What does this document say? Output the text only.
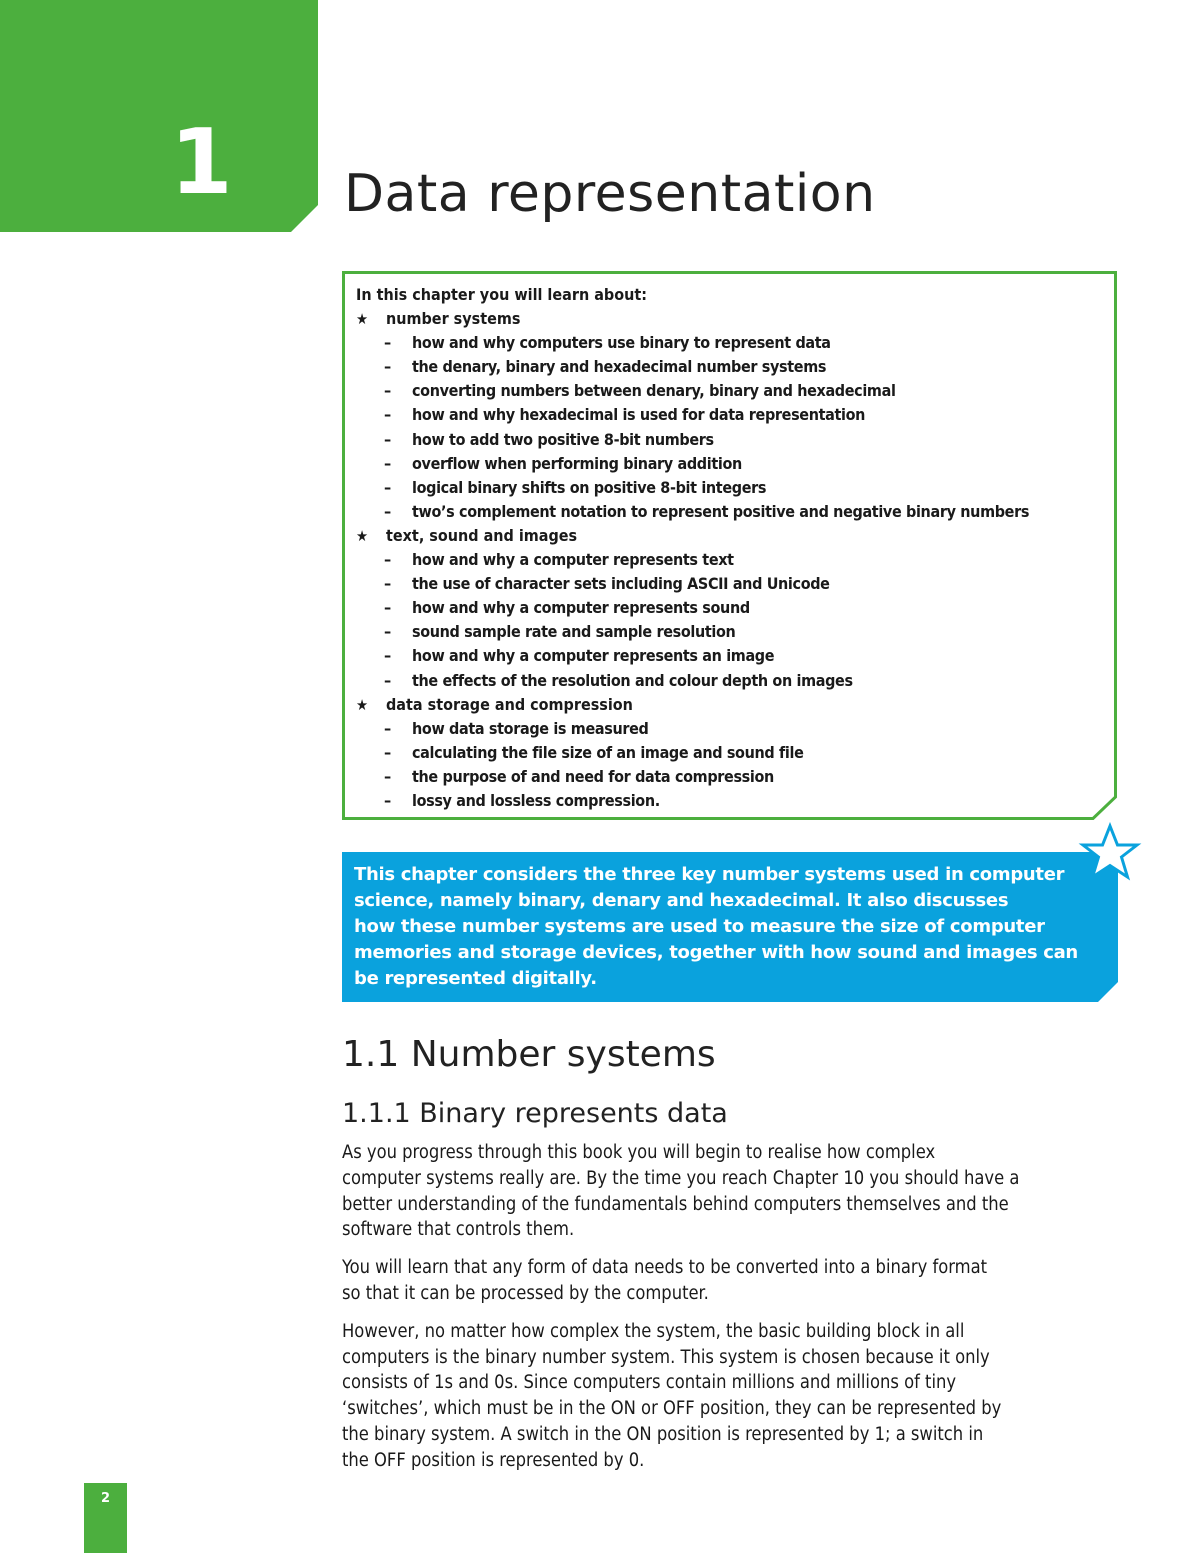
1 Data representation

In this chapter you will learn about:

★	number systems
–	how and why computers use binary to represent data
–	the denary, binary and hexadecimal number systems
–	converting numbers between denary, binary and hexadecimal
–	how and why hexadecimal is used for data representation
–	how to add two positive 8-bit numbers
–	overflow when performing binary addition
–	logical binary shifts on positive 8-bit integers
–	two’s complement notation to represent positive and negative binary numbers
★	text, sound and images
–	how and why a computer represents text
–	the use of character sets including ASCII and Unicode
–	how and why a computer represents sound
–	sound sample rate and sample resolution
–	how and why a computer represents an image
–	the effects of the resolution and colour depth on images
★	data storage and compression
–	how data storage is measured
–	calculating the file size of an image and sound file
–	the purpose of and need for data compression
–	lossy and lossless compression.
This chapter considers the three key number systems used in computer
science, namely binary, denary and hexadecimal. It also discusses
how these number systems are used to measure the size of computer
memories and storage devices, together with how sound and images can
be represented digitally.
1.1 Number systems
1.1.1 Binary represents data

As you progress through this book you will begin to realise how complex
computer systems really are. By the time you reach Chapter 10 you should have a
better understanding of the fundamentals behind computers themselves and the
software that controls them.

You will learn that any form of data needs to be converted into a binary format
so that it can be processed by the computer.

However, no matter how complex the system, the basic building block in all
computers is the binary number system. This system is chosen because it only
consists of 1s and 0s. Since computers contain millions and millions of tiny
‘switches’, which must be in the ON or OFF position, they can be represented by
the binary system. A switch in the ON position is represented by 1; a switch in
the OFF position is represented by 0.

2
